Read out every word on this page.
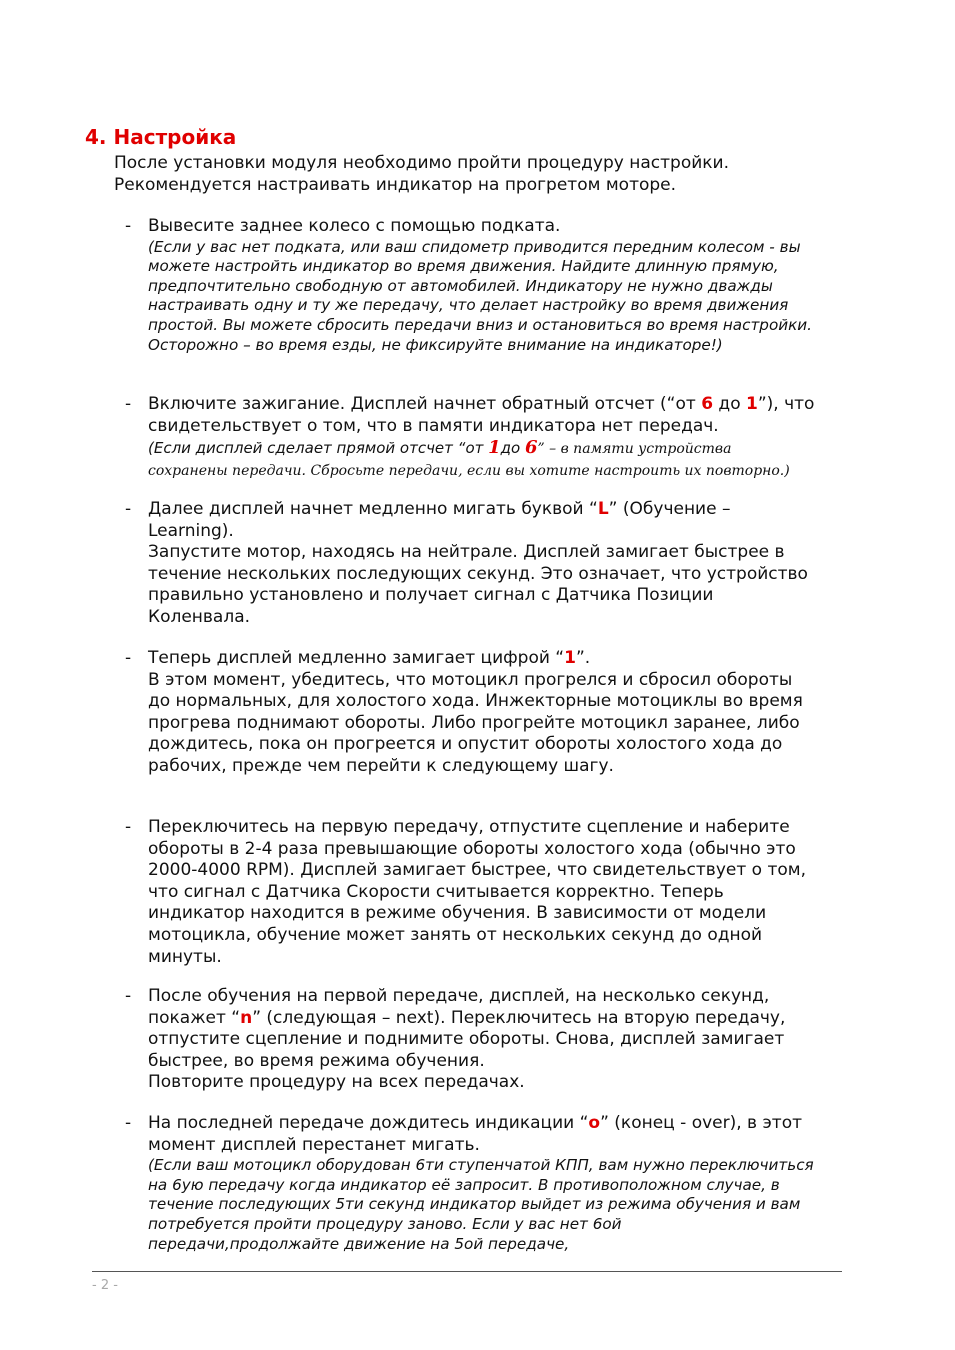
4. Настройка

После установки модуля необходимо пройти процедуру настройки.

Рекомендуется настраивать индикатор на прогретом моторе.

- Вывесите заднее колесо с помощью подката.

(Если у вас нет подката, или ваш спидометр приводится передним колесом - вы можете настройть индикатор во время движения. Найдите длинную прямую, предпочтительно свободную от автомобилей. Индикатору не нужно дважды настраивать одну и ту же передачу, что делает настройку во время движения простой. Вы можете сбросить передачи вниз и остановиться во время настройки. Осторожно – во время езды, не фиксируйте внимание на индикаторе!)

- Включите зажигание. Дисплей начнет обратный отсчет (“от 6 до 1”), что свидетельствует о том, что в памяти индикатора нет передач.

(Если дисплей сделает прямой отсчет “от 1до 6” – в памяти устройства сохранены передачи. Сбросьте передачи, если вы хотите настроить их повторно.)

- Далее дисплей начнет медленно мигать буквой “L” (Обучение – Learning).

Запустите мотор, находясь на нейтрале. Дисплей замигает быстрее в течение нескольких последующих секунд. Это означает, что устройство правильно установлено и получает сигнал с Датчика Позиции Коленвала.

- Теперь дисплей медленно замигает цифрой “1”.

В этом момент, убедитесь, что мотоцикл прогрелся и сбросил обороты до нормальных, для холостого хода. Инжекторные мотоциклы во время прогрева поднимают обороты. Либо прогрейте мотоцикл заранее, либо дождитесь, пока он прогреется и опустит обороты холостого хода до рабочих, прежде чем перейти к следующему шагу.

- Переключитесь на первую передачу, отпустите сцепление и наберите обороты в 2-4 раза превышающие обороты холостого хода (обычно это 2000-4000 RPM). Дисплей замигает быстрее, что свидетельствует о том, что сигнал с Датчика Скорости считывается корректно. Теперь индикатор находится в режиме обучения. В зависимости от модели мотоцикла, обучение может занять от нескольких секунд до одной минуты.

- После обучения на первой передаче, дисплей, на несколько секунд, покажет “n” (следующая – next). Переключитесь на вторую передачу, отпустите сцепление и поднимите обороты. Снова, дисплей замигает быстрее, во время режима обучения.

Повторите процедуру на всех передачах.

- На последней передаче дождитесь индикации “o” (конец - over), в этот момент дисплей перестанет мигать.

(Если ваш мотоцикл оборудован 6ти ступенчатой КПП, вам нужно переключиться на 6ую передачу когда индикатор её запросит. В противоположном случае, в течение последующих 5ти секунд индикатор выйдет из режима обучения и вам потребуется пройти процедуру заново. Если у вас нет 6ой передачи,продолжайте движение на 5ой передаче,

- 2 -
